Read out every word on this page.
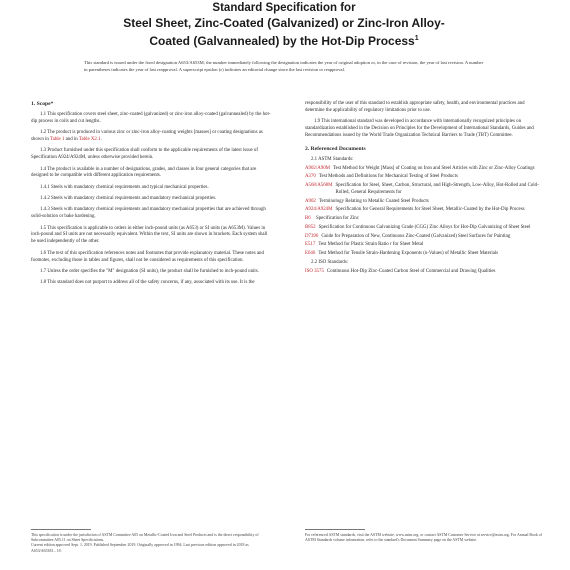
Standard Specification for
Steel Sheet, Zinc-Coated (Galvanized) or Zinc-Iron Alloy-
Coated (Galvannealed) by the Hot-Dip Process$^1$
This standard is issued under the fixed designation A653/A653M; the number immediately following the designation indicates the year of original adoption or, in the case of revision, the year of last revision. A number in parentheses indicates the year of last reapproval. A superscript epsilon (ε) indicates an editorial change since the last revision or reapproval.
1. Scope*

1.1 This specification covers steel sheet, zinc-coated (galvanized) or zinc-iron alloy-coated (galvannealed) by the hot-dip process in coils and cut lengths.

1.2 The product is produced in various zinc or zinc-iron alloy-coating weights [masses] or coating designations as shown in Table 1 and in Table X2.1.

1.3 Product furnished under this specification shall conform to the applicable requirements of the latest issue of Specification A924/A924M, unless otherwise provided herein.

1.4 The product is available in a number of designations, grades, and classes in four general categories that are designed to be compatible with different application requirements.

1.4.1 Steels with mandatory chemical requirements and typical mechanical properties.

1.4.2 Steels with mandatory chemical requirements and mandatory mechanical properties.

1.4.3 Steels with mandatory chemical requirements and mandatory mechanical properties that are achieved through solid-solution or bake hardening.

1.5 This specification is applicable to orders in either inch-pound units (as A653) or SI units (as A653M). Values in inch-pound and SI units are not necessarily equivalent. Within the text, SI units are shown in brackets. Each system shall be used independently of the other.

1.6 The text of this specification references notes and footnotes that provide explanatory material. These notes and footnotes, excluding those in tables and figures, shall not be considered as requirements of this specification.

1.7 Unless the order specifies the "M" designation (SI units), the product shall be furnished to inch-pound units.

1.8 This standard does not purport to address all of the safety concerns, if any, associated with its use. It is the

This specification is under the jurisdiction of ASTM Committee A05 on Metallic-Coated Iron and Steel Products and is the direct responsibility of Subcommittee A05.11 on Sheet Specifications.
Current edition approved Sept. 1, 2019. Published September 2019. Originally approved in 1994. Last previous edition approved in 2018 as A653/A653M – 18.

responsibility of the user of this standard to establish appropriate safety, health, and environmental practices and determine the applicability of regulatory limitations prior to use.

1.9 This international standard was developed in accordance with internationally recognized principles on standardization established in the Decision on Principles for the Development of International Standards, Guides and Recommendations issued by the World Trade Organization Technical Barriers to Trade (TBT) Committee.

2. Referenced Documents
2.1 ASTM Standards:
A902/A90M Test Method for Weight [Mass] of Coating on Iron and Steel Articles with Zinc or Zinc-Alloy Coatings
A370 Test Methods and Definitions for Mechanical Testing of Steel Products
A568/A568M Specification for Steel, Sheet, Carbon, Structural, and High-Strength, Low-Alloy, Hot-Rolled and Cold-Rolled, General Requirements for
A902 Terminology Relating to Metallic Coated Steel Products
A924/A924M Specification for General Requirements for Steel Sheet, Metallic-Coated by the Hot-Dip Process
B6	Specification for Zinc
B852 Specification for Continuous Galvanizing Grade (CGG) Zinc Alloys for Hot-Dip Galvanizing of Sheet Steel
D7396 Guide for Preparation of New, Continuous Zinc-Coated (Galvanized) Steel Surfaces for Painting
E517 Test Method for Plastic Strain Ratio r for Sheet Metal
E646 Test Method for Tensile Strain-Hardening Exponents (n-Values) of Metallic Sheet Materials
2.2 ISO Standards:
ISO 3575 Continuous Hot-Dip Zinc-Coated Carbon Steel of Commercial and Drawing Qualities
For referenced ASTM standards, visit the ASTM website, www.astm.org, or contact ASTM Customer Service at service@astm.org. For Annual Book of ASTM Standards volume information, refer to the standard's Document Summary page on the ASTM website.
